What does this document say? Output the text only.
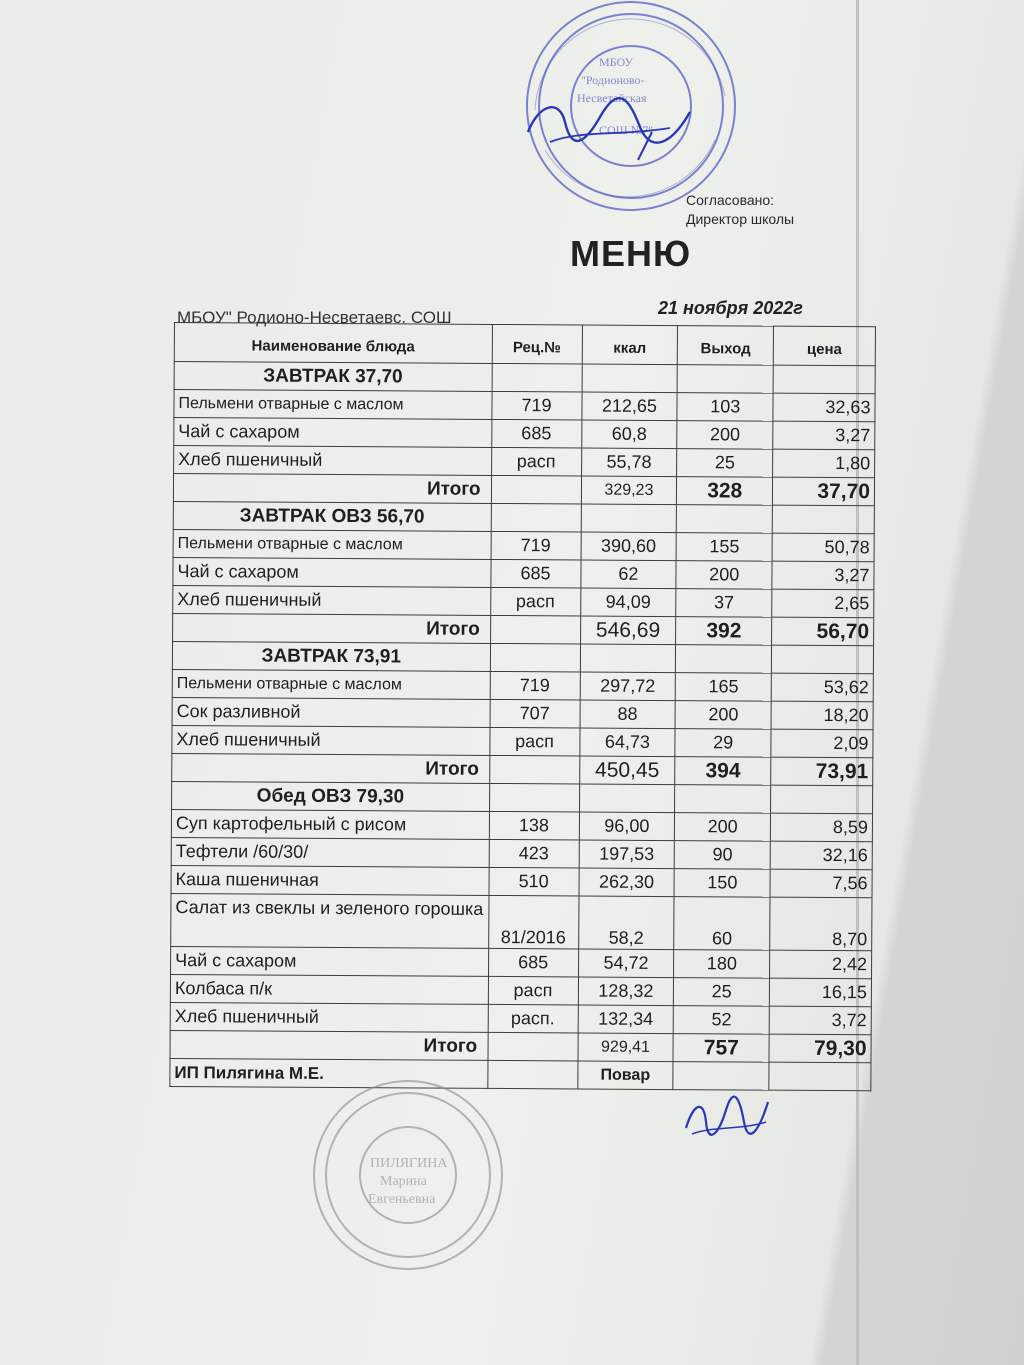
МБОУ
"Родионово-
Несветайская
СОШ №7"
Согласовано:
Директор школы
МЕНЮ
МБОУ" Родионо-Несветаевс. СОШ	21 ноября 2022г
Наименование блюда	Рец.№	ккал	Выход	цена
ЗАВТРАК 37,70				
Пельмени отварные с маслом	719	212,65	103	32,63
Чай с сахаром	685	60,8	200	3,27
Хлеб пшеничный	расп	55,78	25	1,80
Итого		329,23	328	37,70
ЗАВТРАК ОВЗ 56,70				
Пельмени отварные с маслом	719	390,60	155	50,78
Чай с сахаром	685	62	200	3,27
Хлеб пшеничный	расп	94,09	37	2,65
Итого		546,69	392	56,70
ЗАВТРАК 73,91				
Пельмени отварные с маслом	719	297,72	165	53,62
Сок разливной	707	88	200	18,20
Хлеб пшеничный	расп	64,73	29	2,09
Итого		450,45	394	73,91
Обед ОВЗ 79,30				
Суп картофельный с рисом	138	96,00	200	8,59
Тефтели /60/30/	423	197,53	90	32,16
Каша пшеничная	510	262,30	150	7,56
Салат из свеклы и зеленого горошка	81/2016	58,2	60	8,70
Чай с сахаром	685	54,72	180	2,42
Колбаса п/к	расп	128,32	25	16,15
Хлеб пшеничный	расп.	132,34	52	3,72
Итого		929,41	757	79,30
ИП Пилягина М.Е.		Повар		
ПИЛЯГИНА
Марина
Евгеньевна
